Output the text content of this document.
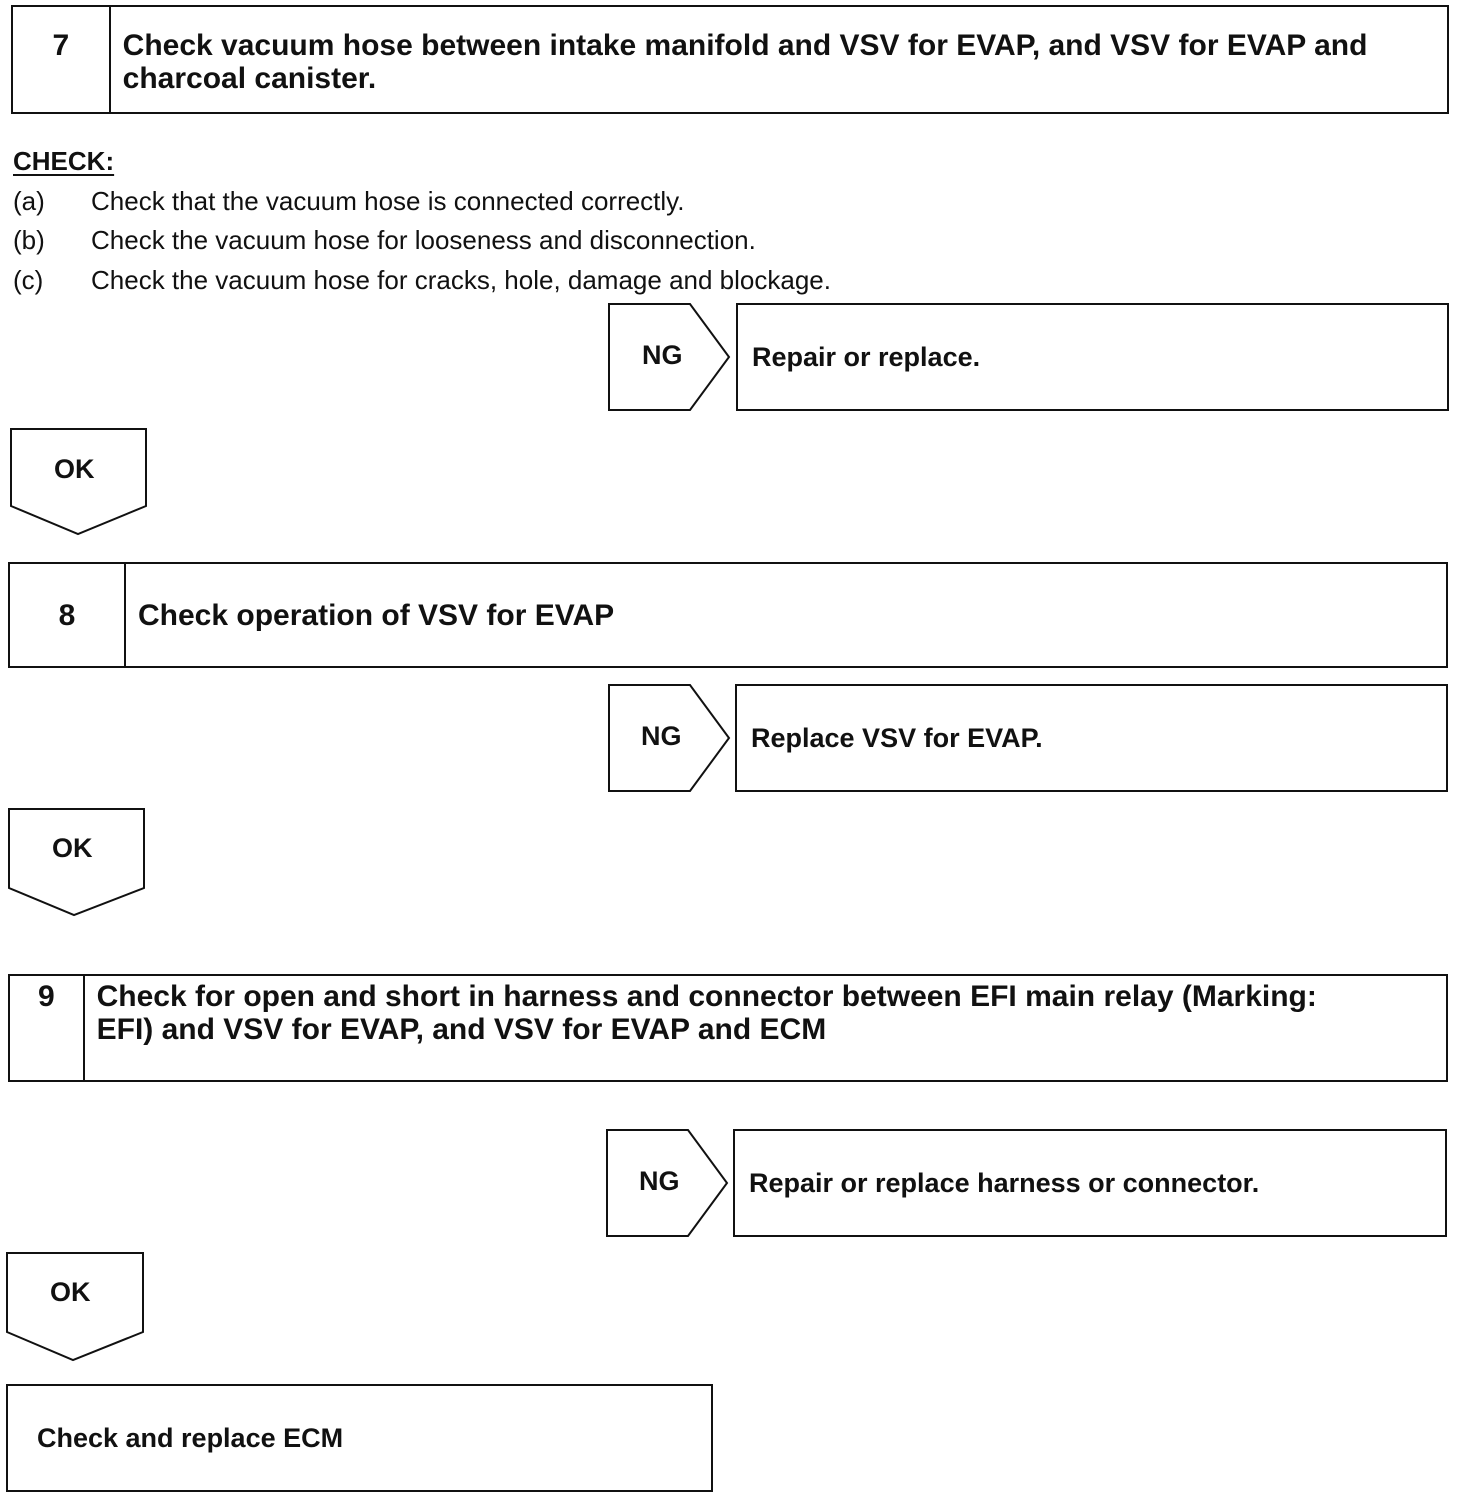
7	Check vacuum hose between intake manifold and VSV for EVAP, and VSV for EVAP and charcoal canister.
CHECK:
(a)	Check that the vacuum hose is connected correctly.
(b)	Check the vacuum hose for looseness and disconnection.
(c)	Check the vacuum hose for cracks, hole, damage and blockage.
NG	Repair or replace.
OK
8	Check operation of VSV for EVAP
NG	Replace VSV for EVAP.
OK
9	Check for open and short in harness and connector between EFI main relay (Marking: EFI) and VSV for EVAP, and VSV for EVAP and ECM
NG	Repair or replace harness or connector.
OK
Check and replace ECM
